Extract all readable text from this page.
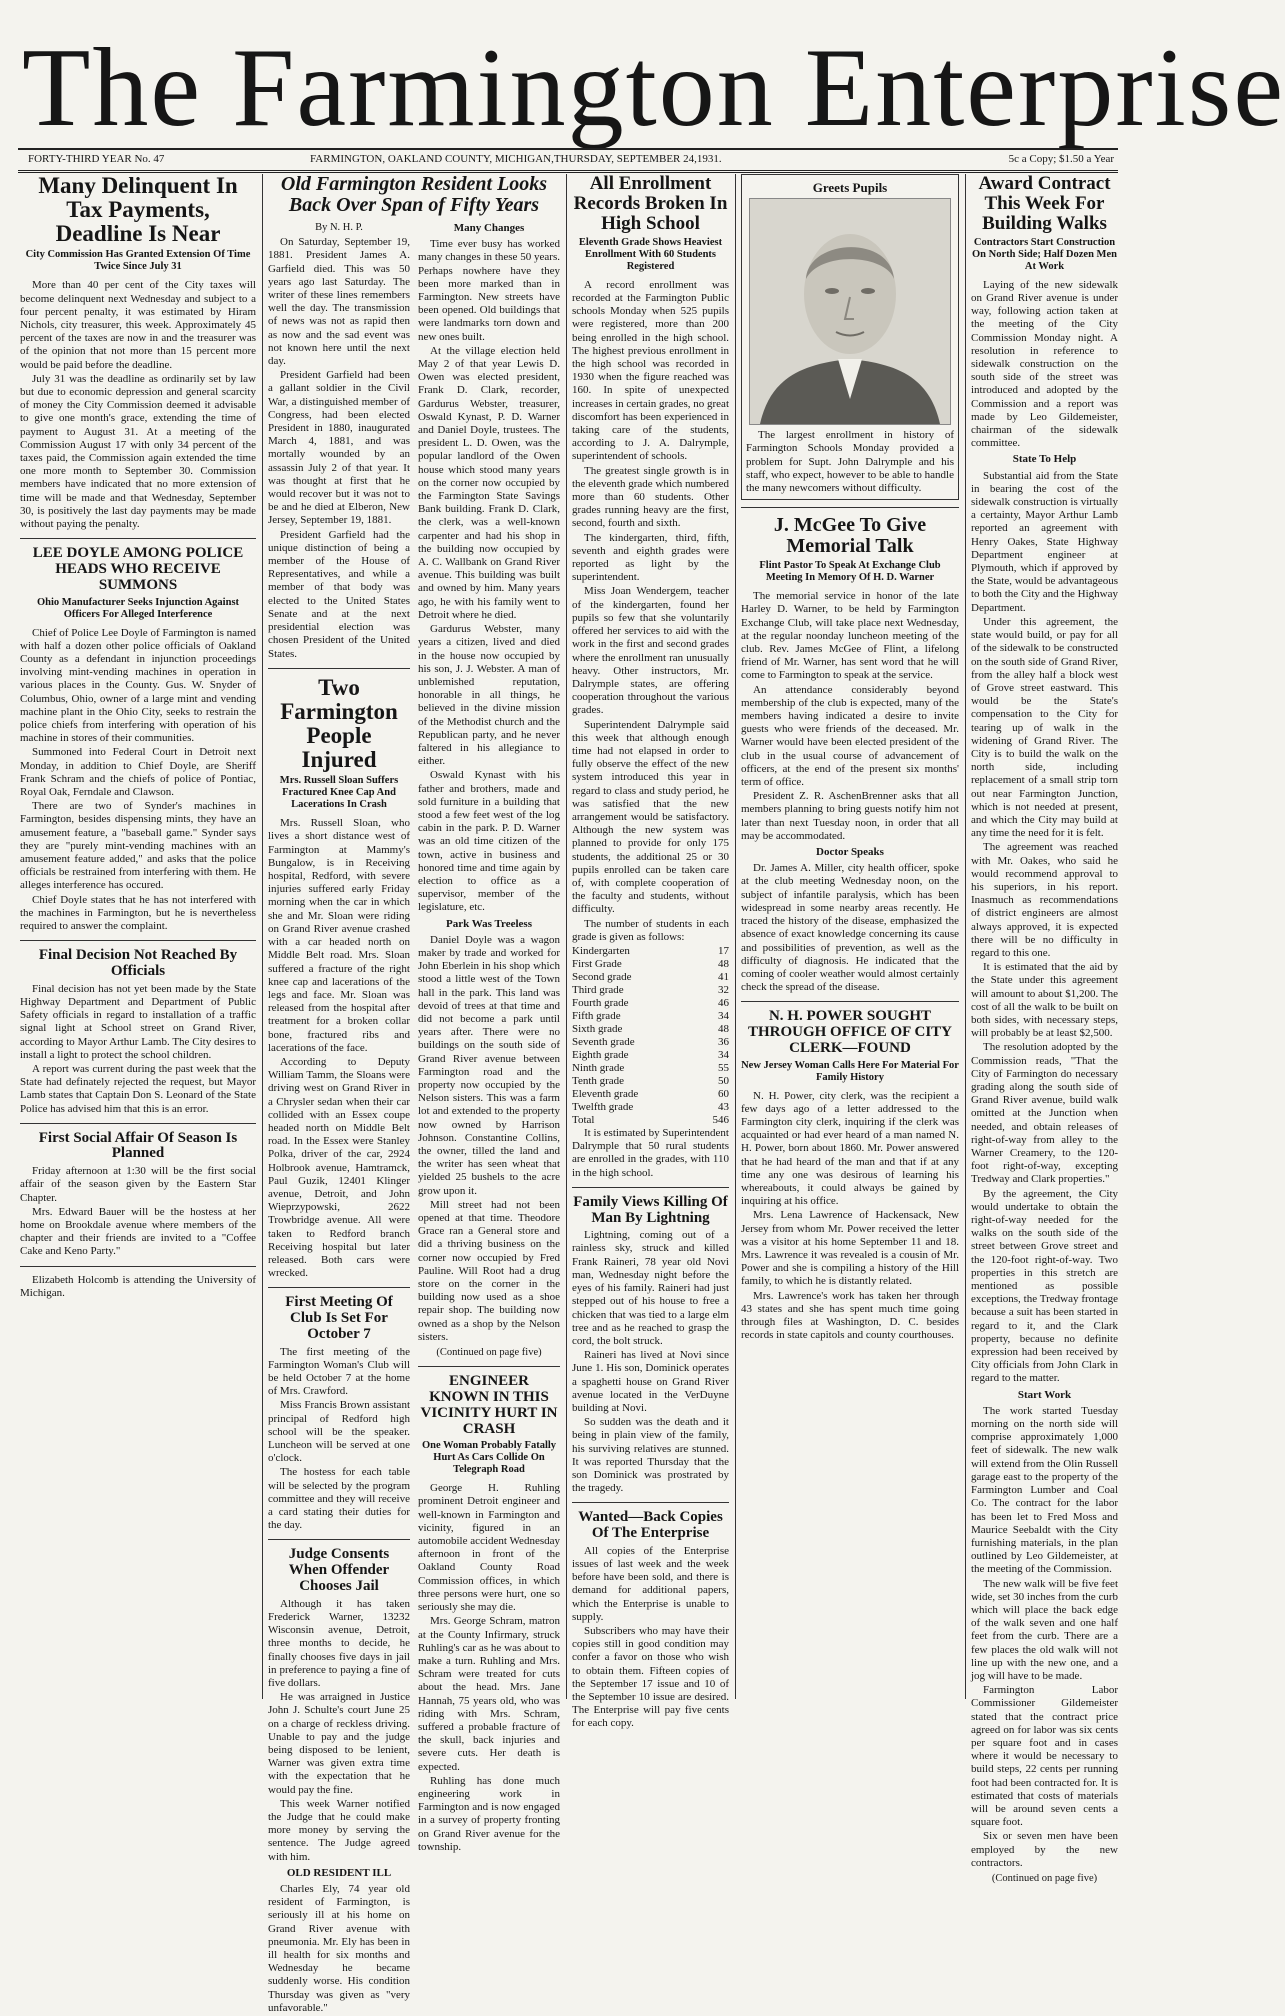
The Farmington Enterprise
FORTY-THIRD YEAR No. 47	FARMINGTON, OAKLAND COUNTY, MICHIGAN,THURSDAY, SEPTEMBER 24,1931.	5c a Copy; $1.50 a Year
Many Delinquent In Tax Payments, Deadline Is Near
City Commission Has Granted Extension Of Time Twice Since July 31

More than 40 per cent of the City taxes will become delinquent next Wednesday and subject to a four percent penalty, it was estimated by Hiram Nichols, city treasurer, this week. Approximately 45 percent of the taxes are now in and the treasurer was of the opinion that not more than 15 percent more would be paid before the deadline.

July 31 was the deadline as ordinarily set by law but due to economic depression and general scarcity of money the City Commission deemed it advisable to give one month's grace, extending the time of payment to August 31. At a meeting of the Commission August 17 with only 34 percent of the taxes paid, the Commission again extended the time one more month to September 30. Commission members have indicated that no more extension of time will be made and that Wednesday, September 30, is positively the last day payments may be made without paying the penalty.

LEE DOYLE AMONG POLICE HEADS WHO RECEIVE SUMMONS
Ohio Manufacturer Seeks Injunction Against Officers For Alleged Interference

Chief of Police Lee Doyle of Farmington is named with half a dozen other police officials of Oakland County as a defendant in injunction proceedings involving mint-vending machines in operation in various places in the County. Gus. W. Snyder of Columbus, Ohio, owner of a large mint and vending machine plant in the Ohio City, seeks to restrain the police chiefs from interfering with operation of his machine in stores of their communities.

Summoned into Federal Court in Detroit next Monday, in addition to Chief Doyle, are Sheriff Frank Schram and the chiefs of police of Pontiac, Royal Oak, Ferndale and Clawson.

There are two of Synder's machines in Farmington, besides dispensing mints, they have an amusement feature, a "baseball game." Synder says they are "purely mint-vending machines with an amusement feature added," and asks that the police officials be restrained from interfering with them. He alleges interference has occured.

Chief Doyle states that he has not interfered with the machines in Farmington, but he is nevertheless required to answer the complaint.

Final Decision Not Reached By Officials

Final decision has not yet been made by the State Highway Department and Department of Public Safety officials in regard to installation of a traffic signal light at School street on Grand River, according to Mayor Arthur Lamb. The City desires to install a light to protect the school children.

A report was current during the past week that the State had definately rejected the request, but Mayor Lamb states that Captain Don S. Leonard of the State Police has advised him that this is an error.

First Social Affair Of Season Is Planned

Friday afternoon at 1:30 will be the first social affair of the season given by the Eastern Star Chapter.

Mrs. Edward Bauer will be the hostess at her home on Brookdale avenue where members of the chapter and their friends are invited to a "Coffee Cake and Keno Party."

Elizabeth Holcomb is attending the University of Michigan.

Old Farmington Resident Looks Back Over Span of Fifty Years
By N. H. P.

On Saturday, September 19, 1881. President James A. Garfield died. This was 50 years ago last Saturday. The writer of these lines remembers well the day. The transmission of news was not as rapid then as now and the sad event was not known here until the next day.

President Garfield had been a gallant soldier in the Civil War, a distinguished member of Congress, had been elected President in 1880, inaugurated March 4, 1881, and was mortally wounded by an assassin July 2 of that year. It was thought at first that he would recover but it was not to be and he died at Elberon, New Jersey, September 19, 1881.

President Garfield had the unique distinction of being a member of the House of Representatives, and while a member of that body was elected to the United States Senate and at the next presidential election was chosen President of the United States.

Two Farmington People Injured
Mrs. Russell Sloan Suffers Fractured Knee Cap And Lacerations In Crash

Mrs. Russell Sloan, who lives a short distance west of Farmington at Mammy's Bungalow, is in Receiving hospital, Redford, with severe injuries suffered early Friday morning when the car in which she and Mr. Sloan were riding on Grand River avenue crashed with a car headed north on Middle Belt road. Mrs. Sloan suffered a fracture of the right knee cap and lacerations of the legs and face. Mr. Sloan was released from the hospital after treatment for a broken collar bone, fractured ribs and lacerations of the face.

According to Deputy William Tamm, the Sloans were driving west on Grand River in a Chrysler sedan when their car collided with an Essex coupe headed north on Middle Belt road. In the Essex were Stanley Polka, driver of the car, 2924 Holbrook avenue, Hamtramck, Paul Guzik, 12401 Klinger avenue, Detroit, and John Wieprzypowski, 2622 Trowbridge avenue. All were taken to Redford branch Receiving hospital but later released. Both cars were wrecked.

First Meeting Of Club Is Set For October 7

The first meeting of the Farmington Woman's Club will be held October 7 at the home of Mrs. Crawford.

Miss Francis Brown assistant principal of Redford high school will be the speaker. Luncheon will be served at one o'clock.

The hostess for each table will be selected by the program committee and they will receive a card stating their duties for the day.

Judge Consents When Offender Chooses Jail

Although it has taken Frederick Warner, 13232 Wisconsin avenue, Detroit, three months to decide, he finally chooses five days in jail in preference to paying a fine of five dollars.

He was arraigned in Justice John J. Schulte's court June 25 on a charge of reckless driving. Unable to pay and the judge being disposed to be lenient, Warner was given extra time with the expectation that he would pay the fine.

This week Warner notified the Judge that he could make more money by serving the sentence. The Judge agreed with him.

OLD RESIDENT ILL

Charles Ely, 74 year old resident of Farmington, is seriously ill at his home on Grand River avenue with pneumonia. Mr. Ely has been in ill health for six months and Wednesday he became suddenly worse. His condition Thursday was given as "very unfavorable."

Many Changes

Time ever busy has worked many changes in these 50 years. Perhaps nowhere have they been more marked than in Farmington. New streets have been opened. Old buildings that were landmarks torn down and new ones built.

At the village election held May 2 of that year Lewis D. Owen was elected president, Frank D. Clark, recorder, Gardurus Webster, treasurer, Oswald Kynast, P. D. Warner and Daniel Doyle, trustees. The president L. D. Owen, was the popular landlord of the Owen house which stood many years on the corner now occupied by the Farmington State Savings Bank building. Frank D. Clark, the clerk, was a well-known carpenter and had his shop in the building now occupied by A. C. Wallbank on Grand River avenue. This building was built and owned by him. Many years ago, he with his family went to Detroit where he died.

Gardurus Webster, many years a citizen, lived and died in the house now occupied by his son, J. J. Webster. A man of unblemished reputation, honorable in all things, he believed in the divine mission of the Methodist church and the Republican party, and he never faltered in his allegiance to either.

Oswald Kynast with his father and brothers, made and sold furniture in a building that stood a few feet west of the log cabin in the park. P. D. Warner was an old time citizen of the town, active in business and honored time and time again by election to office as a supervisor, member of the legislature, etc.

Park Was Treeless

Daniel Doyle was a wagon maker by trade and worked for John Eberlein in his shop which stood a little west of the Town hall in the park. This land was devoid of trees at that time and did not become a park until years after. There were no buildings on the south side of Grand River avenue between Farmington road and the property now occupied by the Nelson sisters. This was a farm lot and extended to the property now owned by Harrison Johnson. Constantine Collins, the owner, tilled the land and the writer has seen wheat that yielded 25 bushels to the acre grow upon it.

Mill street had not been opened at that time. Theodore Grace ran a General store and did a thriving business on the corner now occupied by Fred Pauline. Will Root had a drug store on the corner in the building now used as a shoe repair shop. The building now owned as a shop by the Nelson sisters.

(Continued on page five)
ENGINEER KNOWN IN THIS VICINITY HURT IN CRASH
One Woman Probably Fatally Hurt As Cars Collide On Telegraph Road

George H. Ruhling prominent Detroit engineer and well-known in Farmington and vicinity, figured in an automobile accident Wednesday afternoon in front of the Oakland County Road Commission offices, in which three persons were hurt, one so seriously she may die.

Mrs. George Schram, matron at the County Infirmary, struck Ruhling's car as he was about to make a turn. Ruhling and Mrs. Schram were treated for cuts about the head. Mrs. Jane Hannah, 75 years old, who was riding with Mrs. Schram, suffered a probable fracture of the skull, back injuries and severe cuts. Her death is expected.

Ruhling has done much engineering work in Farmington and is now engaged in a survey of property fronting on Grand River avenue for the township.

All Enrollment Records Broken In High School
Eleventh Grade Shows Heaviest Enrollment With 60 Students Registered

A record enrollment was recorded at the Farmington Public schools Monday when 525 pupils were registered, more than 200 being enrolled in the high school. The highest previous enrollment in the high school was recorded in 1930 when the figure reached was 160. In spite of unexpected increases in certain grades, no great discomfort has been experienced in taking care of the students, according to J. A. Dalrymple, superintendent of schools.

The greatest single growth is in the eleventh grade which numbered more than 60 students. Other grades running heavy are the first, second, fourth and sixth.

The kindergarten, third, fifth, seventh and eighth grades were reported as light by the superintendent.

Miss Joan Wendergem, teacher of the kindergarten, found her pupils so few that she voluntarily offered her services to aid with the work in the first and second grades where the enrollment ran unusually heavy. Other instructors, Mr. Dalrymple states, are offering cooperation throughout the various grades.

Superintendent Dalrymple said this week that although enough time had not elapsed in order to fully observe the effect of the new system introduced this year in regard to class and study period, he was satisfied that the new arrangement would be satisfactory. Although the new system was planned to provide for only 175 students, the additional 25 or 30 pupils enrolled can be taken care of, with complete cooperation of the faculty and students, without difficulty.

The number of students in each grade is given as follows:

Kindergarten	17
First Grade	48
Second grade	41
Third grade	32
Fourth grade	46
Fifth grade	34
Sixth grade	48
Seventh grade	36
Eighth grade	34
Ninth grade	55
Tenth grade	50
Eleventh grade	60
Twelfth grade	43
Total	546

It is estimated by Superintendent Dalrymple that 50 rural students are enrolled in the grades, with 110 in the high school.

Family Views Killing Of Man By Lightning

Lightning, coming out of a rainless sky, struck and killed Frank Raineri, 78 year old Novi man, Wednesday night before the eyes of his family. Raineri had just stepped out of his house to free a chicken that was tied to a large elm tree and as he reached to grasp the cord, the bolt struck.

Raineri has lived at Novi since June 1. His son, Dominick operates a spaghetti house on Grand River avenue located in the VerDuyne building at Novi.

So sudden was the death and it being in plain view of the family, his surviving relatives are stunned. It was reported Thursday that the son Dominick was prostrated by the tragedy.

Wanted—Back Copies Of The Enterprise

All copies of the Enterprise issues of last week and the week before have been sold, and there is demand for additional papers, which the Enterprise is unable to supply.

Subscribers who may have their copies still in good condition may confer a favor on those who wish to obtain them. Fifteen copies of the September 17 issue and 10 of the September 10 issue are desired. The Enterprise will pay five cents for each copy.

Greets Pupils

The largest enrollment in history of Farmington Schools Monday provided a problem for Supt. John Dalrymple and his staff, who expect, however to be able to handle the many newcomers without difficulty.

J. McGee To Give Memorial Talk
Flint Pastor To Speak At Exchange Club Meeting In Memory Of H. D. Warner

The memorial service in honor of the late Harley D. Warner, to be held by Farmington Exchange Club, will take place next Wednesday, at the regular noonday luncheon meeting of the club. Rev. James McGee of Flint, a lifelong friend of Mr. Warner, has sent word that he will come to Farmington to speak at the service.

An attendance considerably beyond membership of the club is expected, many of the members having indicated a desire to invite guests who were friends of the deceased. Mr. Warner would have been elected president of the club in the usual course of advancement of officers, at the end of the present six months' term of office.

President Z. R. AschenBrenner asks that all members planning to bring guests notify him not later than next Tuesday noon, in order that all may be accommodated.

Doctor Speaks

Dr. James A. Miller, city health officer, spoke at the club meeting Wednesday noon, on the subject of infantile paralysis, which has been widespread in some nearby areas recently. He traced the history of the disease, emphasized the absence of exact knowledge concerning its cause and possibilities of prevention, as well as the difficulty of diagnosis. He indicated that the coming of cooler weather would almost certainly check the spread of the disease.

N. H. POWER SOUGHT THROUGH OFFICE OF CITY CLERK—FOUND
New Jersey Woman Calls Here For Material For Family History

N. H. Power, city clerk, was the recipient a few days ago of a letter addressed to the Farmington city clerk, inquiring if the clerk was acquainted or had ever heard of a man named N. H. Power, born about 1860. Mr. Power answered that he had heard of the man and that if at any time any one was desirous of learning his whereabouts, it could always be gained by inquiring at his office.

Mrs. Lena Lawrence of Hackensack, New Jersey from whom Mr. Power received the letter was a visitor at his home September 11 and 18. Mrs. Lawrence it was revealed is a cousin of Mr. Power and she is compiling a history of the Hill family, to which he is distantly related.

Mrs. Lawrence's work has taken her through 43 states and she has spent much time going through files at Washington, D. C. besides records in state capitols and county courthouses.

Award Contract This Week For Building Walks
Contractors Start Construction On North Side; Half Dozen Men At Work

Laying of the new sidewalk on Grand River avenue is under way, following action taken at the meeting of the City Commission Monday night. A resolution in reference to sidewalk construction on the south side of the street was introduced and adopted by the Commission and a report was made by Leo Gildemeister, chairman of the sidewalk committee.

State To Help

Substantial aid from the State in bearing the cost of the sidewalk construction is virtually a certainty, Mayor Arthur Lamb reported an agreement with Henry Oakes, State Highway Department engineer at Plymouth, which if approved by the State, would be advantageous to both the City and the Highway Department.

Under this agreement, the state would build, or pay for all of the sidewalk to be constructed on the south side of Grand River, from the alley half a block west of Grove street eastward. This would be the State's compensation to the City for tearing up of walk in the widening of Grand River. The City is to build the walk on the north side, including replacement of a small strip torn out near Farmington Junction, which is not needed at present, and which the City may build at any time the need for it is felt.

The agreement was reached with Mr. Oakes, who said he would recommend approval to his superiors, in his report. Inasmuch as recommendations of district engineers are almost always approved, it is expected there will be no difficulty in regard to this one.

It is estimated that the aid by the State under this agreement will amount to about $1,200. The cost of all the walk to be built on both sides, with necessary steps, will probably be at least $2,500.

The resolution adopted by the Commission reads, "That the City of Farmington do necessary grading along the south side of Grand River avenue, build walk omitted at the Junction when needed, and obtain releases of right-of-way from alley to the Warner Creamery, to the 120-foot right-of-way, excepting Tredway and Clark properties."

By the agreement, the City would undertake to obtain the right-of-way needed for the walks on the south side of the street between Grove street and the 120-foot right-of-way. Two properties in this stretch are mentioned as possible exceptions, the Tredway frontage because a suit has been started in regard to it, and the Clark property, because no definite expression had been received by City officials from John Clark in regard to the matter.

Start Work

The work started Tuesday morning on the north side will comprise approximately 1,000 feet of sidewalk. The new walk will extend from the Olin Russell garage east to the property of the Farmington Lumber and Coal Co. The contract for the labor has been let to Fred Moss and Maurice Seebaldt with the City furnishing materials, in the plan outlined by Leo Gildemeister, at the meeting of the Commission.

The new walk will be five feet wide, set 30 inches from the curb which will place the back edge of the walk seven and one half feet from the curb. There are a few places the old walk will not line up with the new one, and a jog will have to be made.

Farmington Labor Commissioner Gildemeister stated that the contract price agreed on for labor was six cents per square foot and in cases where it would be necessary to build steps, 22 cents per running foot had been contracted for. It is estimated that costs of materials will be around seven cents a square foot.

Six or seven men have been employed by the new contractors.

(Continued on page five)
